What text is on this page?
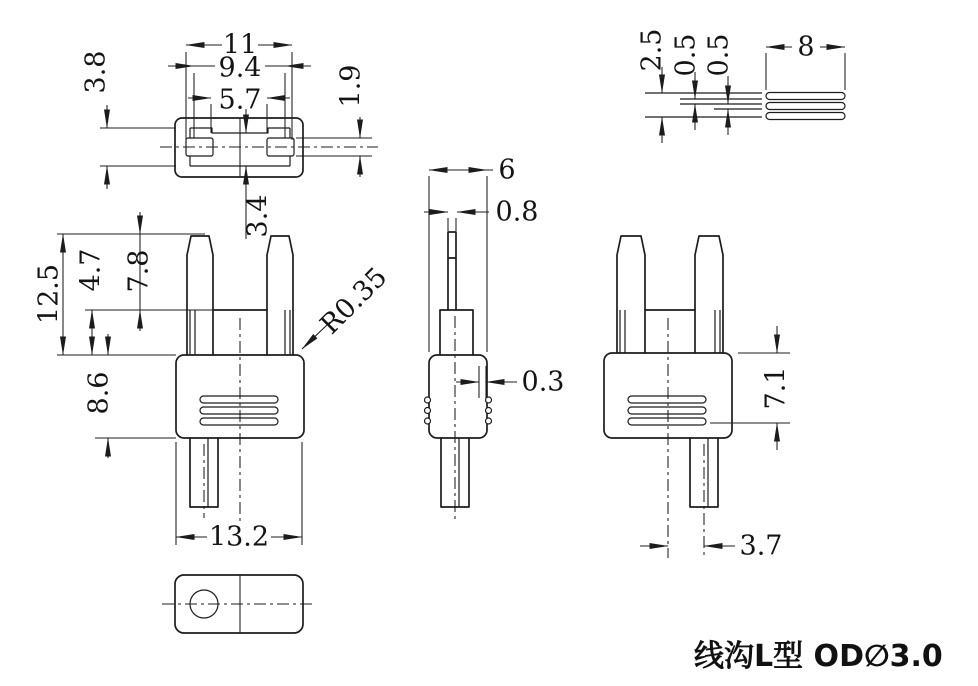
11
9.4
5.7
3.8	1.9
3.4
12.5 4.7 7.8
8.6
R0.35
13.2
6
0.8
0.3	7.1
3.7
2.5 0.5 0.5 8
线沟L型 OD∅3.0
